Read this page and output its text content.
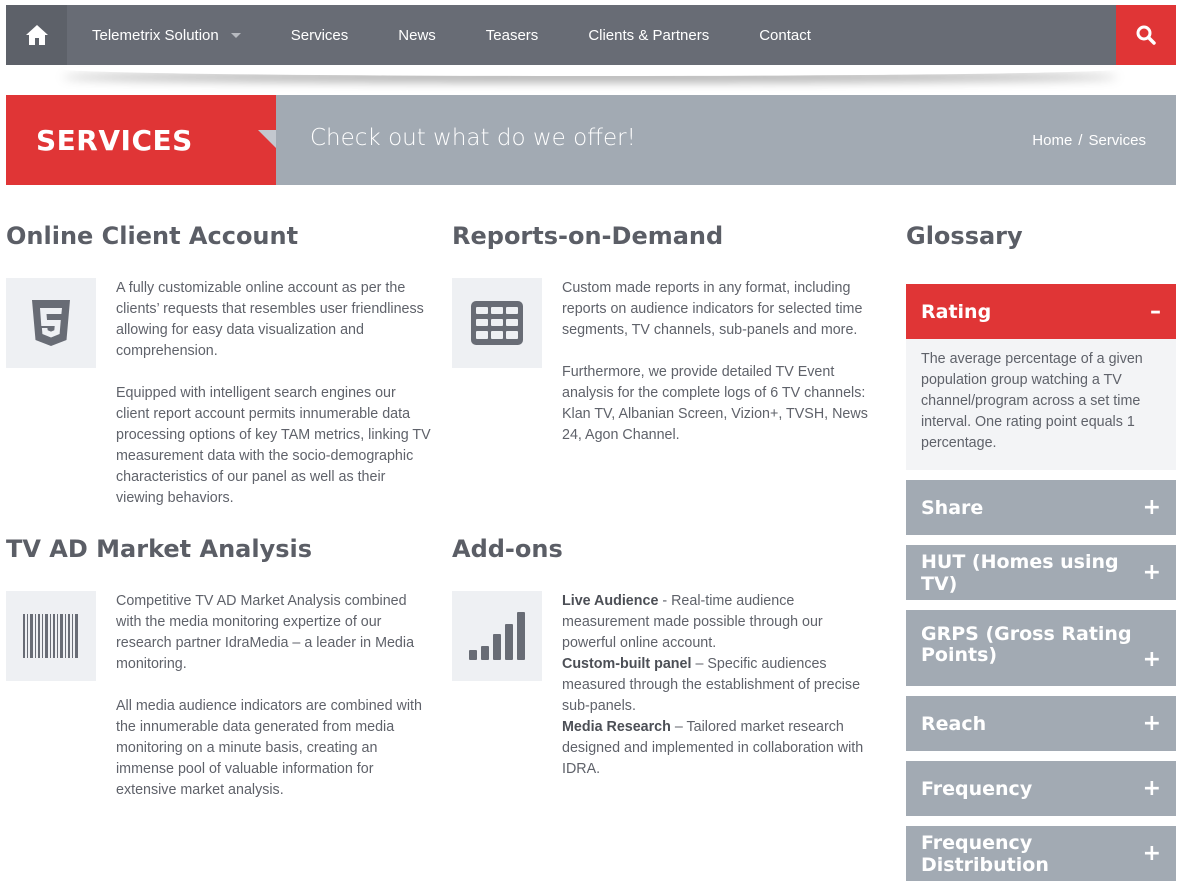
Telemetrix Solution	Services	News	Teasers	Clients & Partners	Contact
SERVICES	Check out what do we offer!	Home / Services
Online Client Account

A fully customizable online account as per the clients’ requests that resembles user friendliness allowing for easy data visualization and comprehension.

Equipped with intelligent search engines our client report account permits innumerable data processing options of key TAM metrics, linking TV measurement data with the socio-demographic characteristics of our panel as well as their viewing behaviors.

Reports-on-Demand

Custom made reports in any format, including reports on audience indicators for selected time segments, TV channels, sub-panels and more.

Furthermore, we provide detailed TV Event analysis for the complete logs of 6 TV channels: Klan TV, Albanian Screen, Vizion+, TVSH, News 24, Agon Channel.

TV AD Market Analysis

Competitive TV AD Market Analysis combined with the media monitoring expertize of our research partner IdraMedia – a leader in Media monitoring.

All media audience indicators are combined with the innumerable data generated from media monitoring on a minute basis, creating an immense pool of valuable information for extensive market analysis.

Add-ons
Live Audience - Real-time audience measurement made possible through our powerful online account.
Custom-built panel – Specific audiences measured through the establishment of precise sub-panels.
Media Research – Tailored market research designed and implemented in collaboration with IDRA.
Glossary
Rating	–
The average percentage of a given population group watching a TV channel/program across a set time interval. One rating point equals 1 percentage.
Share	+
HUT (Homes using TV)	+
GRPS (Gross Rating Points)	+
Reach	+
Frequency	+
Frequency Distribution	+
